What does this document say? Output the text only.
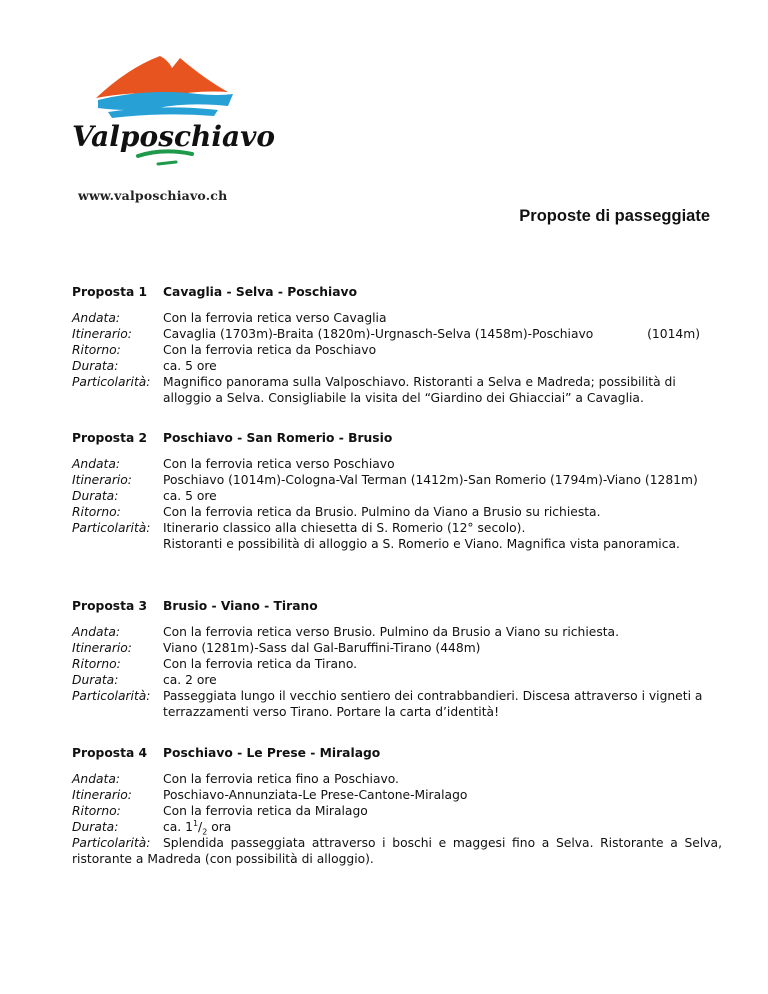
Valposchiavo
www.valposchiavo.ch
Proposte di passeggiate
Proposta 1	Cavaglia - Selva - Poschiavo
Andata:	Con la ferrovia retica verso Cavaglia
Itinerario:	Cavaglia (1703m)-Braita (1820m)-Urgnasch-Selva (1458m)-Poschiavo	(1014m)
Ritorno:	Con la ferrovia retica da Poschiavo
Durata:	ca. 5 ore
Particolarità:	Magnifico panorama sulla Valposchiavo. Ristoranti a Selva e Madreda; possibilità di alloggio a Selva. Consigliabile la visita del “Giardino dei Ghiacciai” a Cavaglia.
Proposta 2	Poschiavo - San Romerio - Brusio
Andata:	Con la ferrovia retica verso Poschiavo
Itinerario:	Poschiavo (1014m)-Cologna-Val Terman (1412m)-San Romerio (1794m)-Viano (1281m)
Durata:	ca. 5 ore
Ritorno:	Con la ferrovia retica da Brusio. Pulmino da Viano a Brusio su richiesta.
Particolarità:	Itinerario classico alla chiesetta di S. Romerio (12° secolo).
Ristoranti e possibilità di alloggio a S. Romerio e Viano. Magnifica vista panoramica.
Proposta 3	Brusio - Viano - Tirano
Andata:	Con la ferrovia retica verso Brusio. Pulmino da Brusio a Viano su richiesta.
Itinerario:	Viano (1281m)-Sass dal Gal-Baruffini-Tirano (448m)
Ritorno:	Con la ferrovia retica da Tirano.
Durata:	ca. 2 ore
Particolarità:	Passeggiata lungo il vecchio sentiero dei contrabbandieri. Discesa attraverso i vigneti a terrazzamenti verso Tirano. Portare la carta d’identità!
Proposta 4	Poschiavo - Le Prese - Miralago
Andata:	Con la ferrovia retica fino a Poschiavo.
Itinerario:	Poschiavo-Annunziata-Le Prese-Cantone-Miralago
Ritorno:	Con la ferrovia retica da Miralago
Durata:	ca. $1^1/_2$ ora
Particolarità: Splendida passeggiata attraverso i boschi e maggesi fino a Selva. Ristorante a Selva, ristorante a Madreda (con possibilità di alloggio).
